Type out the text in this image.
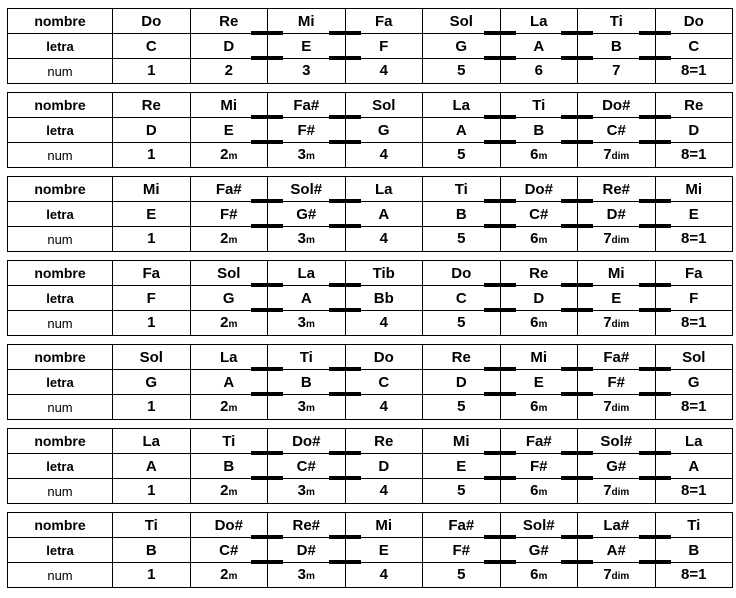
nombre	Do	Re	Mi	Fa	Sol	La	Ti	Do
letra	C	D	E	F	G	A	B	C
num	1	2	3	4	5	6	7	8=1
nombre	Re	Mi	Fa#	Sol	La	Ti	Do#	Re
letra	D	E	F#	G	A	B	C#	D
num	1	2m	3m	4	5	6m	7dim	8=1
nombre	Mi	Fa#	Sol#	La	Ti	Do#	Re#	Mi
letra	E	F#	G#	A	B	C#	D#	E
num	1	2m	3m	4	5	6m	7dim	8=1
nombre	Fa	Sol	La	Tib	Do	Re	Mi	Fa
letra	F	G	A	Bb	C	D	E	F
num	1	2m	3m	4	5	6m	7dim	8=1
nombre	Sol	La	Ti	Do	Re	Mi	Fa#	Sol
letra	G	A	B	C	D	E	F#	G
num	1	2m	3m	4	5	6m	7dim	8=1
nombre	La	Ti	Do#	Re	Mi	Fa#	Sol#	La
letra	A	B	C#	D	E	F#	G#	A
num	1	2m	3m	4	5	6m	7dim	8=1
nombre	Ti	Do#	Re#	Mi	Fa#	Sol#	La#	Ti
letra	B	C#	D#	E	F#	G#	A#	B
num	1	2m	3m	4	5	6m	7dim	8=1
